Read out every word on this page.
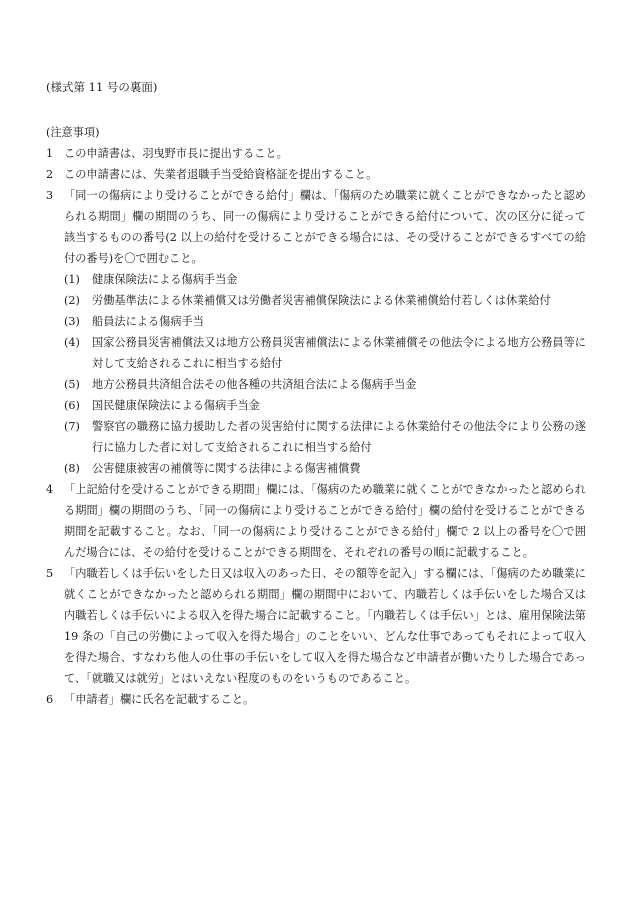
(様式第 11 号の裏面)
(注意事項)
1 この申請書は、羽曳野市長に提出すること。
2 この申請書には、失業者退職手当受給資格証を提出すること。
3 「同一の傷病により受けることができる給付」欄は、「傷病のため職業に就くことができなかったと認められる期間」欄の期間のうち、同一の傷病により受けることができる給付について、次の区分に従って該当するものの番号(2 以上の給付を受けることができる場合には、その受けることができるすべての給付の番号)を〇で囲むこと。
(1) 健康保険法による傷病手当金
(2) 労働基準法による休業補償又は労働者災害補償保険法による休業補償給付若しくは休業給付
(3) 船員法による傷病手当
(4) 国家公務員災害補償法又は地方公務員災害補償法による休業補償その他法令による地方公務員等に対して支給されるこれに相当する給付
(5) 地方公務員共済組合法その他各種の共済組合法による傷病手当金
(6) 国民健康保険法による傷病手当金
(7) 警察官の職務に協力援助した者の災害給付に関する法律による休業給付その他法令により公務の遂行に協力した者に対して支給されるこれに相当する給付
(8) 公害健康被害の補償等に関する法律による傷害補償費
4 「上記給付を受けることができる期間」欄には、「傷病のため職業に就くことができなかったと認められる期間」欄の期間のうち、「同一の傷病により受けることができる給付」欄の給付を受けることができる期間を記載すること。なお、「同一の傷病により受けることができる給付」欄で 2 以上の番号を〇で囲んだ場合には、その給付を受けることができる期間を、それぞれの番号の順に記載すること。
5 「内職若しくは手伝いをした日又は収入のあった日、その額等を記入」する欄には、「傷病のため職業に就くことができなかったと認められる期間」欄の期間中において、内職若しくは手伝いをした場合又は内職若しくは手伝いによる収入を得た場合に記載すること。「内職若しくは手伝い」とは、雇用保険法第 19 条の「自己の労働によって収入を得た場合」のことをいい、どんな仕事であってもそれによって収入を得た場合、すなわち他人の仕事の手伝いをして収入を得た場合など申請者が働いたりした場合であって、「就職又は就労」とはいえない程度のものをいうものであること。
6 「申請者」欄に氏名を記載すること。
